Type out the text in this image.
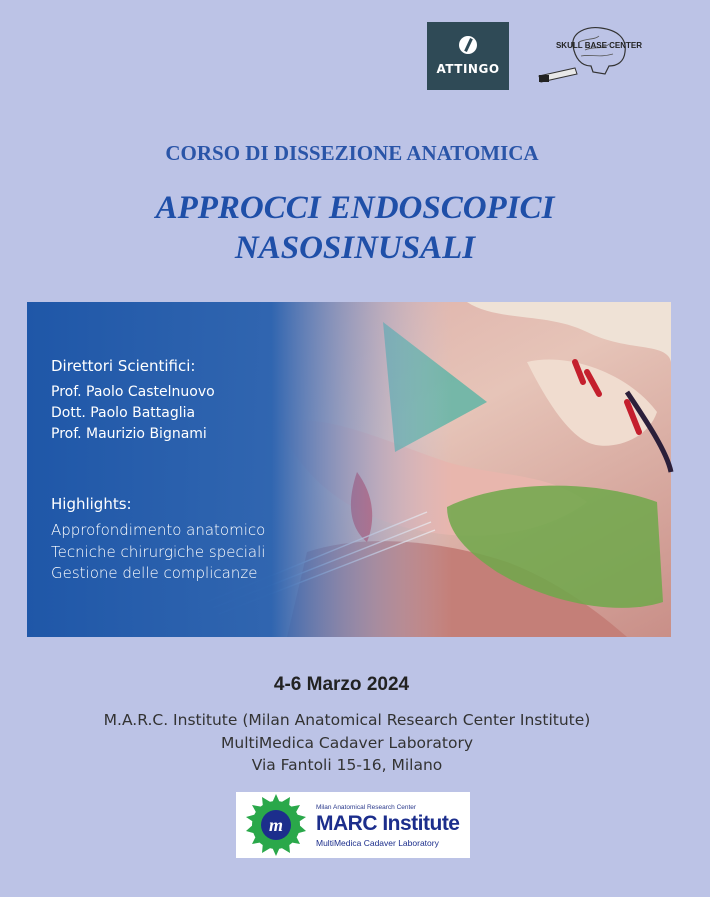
ATTINGO
SKULL BASE CENTER
CORSO DI DISSEZIONE ANATOMICA
APPROCCI ENDOSCOPICI
NASOSINUSALI
Direttori Scientifici:
Prof. Paolo Castelnuovo
Dott. Paolo Battaglia
Prof. Maurizio Bignami
Highlights:
Approfondimento anatomico
Tecniche chirurgiche speciali
Gestione delle complicanze
4-6 Marzo 2024
M.A.R.C. Institute (Milan Anatomical Research Center Institute)
MultiMedica Cadaver Laboratory
Via Fantoli 15-16, Milano
m
Milan Anatomical Research Center
MARC Institute
MultiMedica Cadaver Laboratory
